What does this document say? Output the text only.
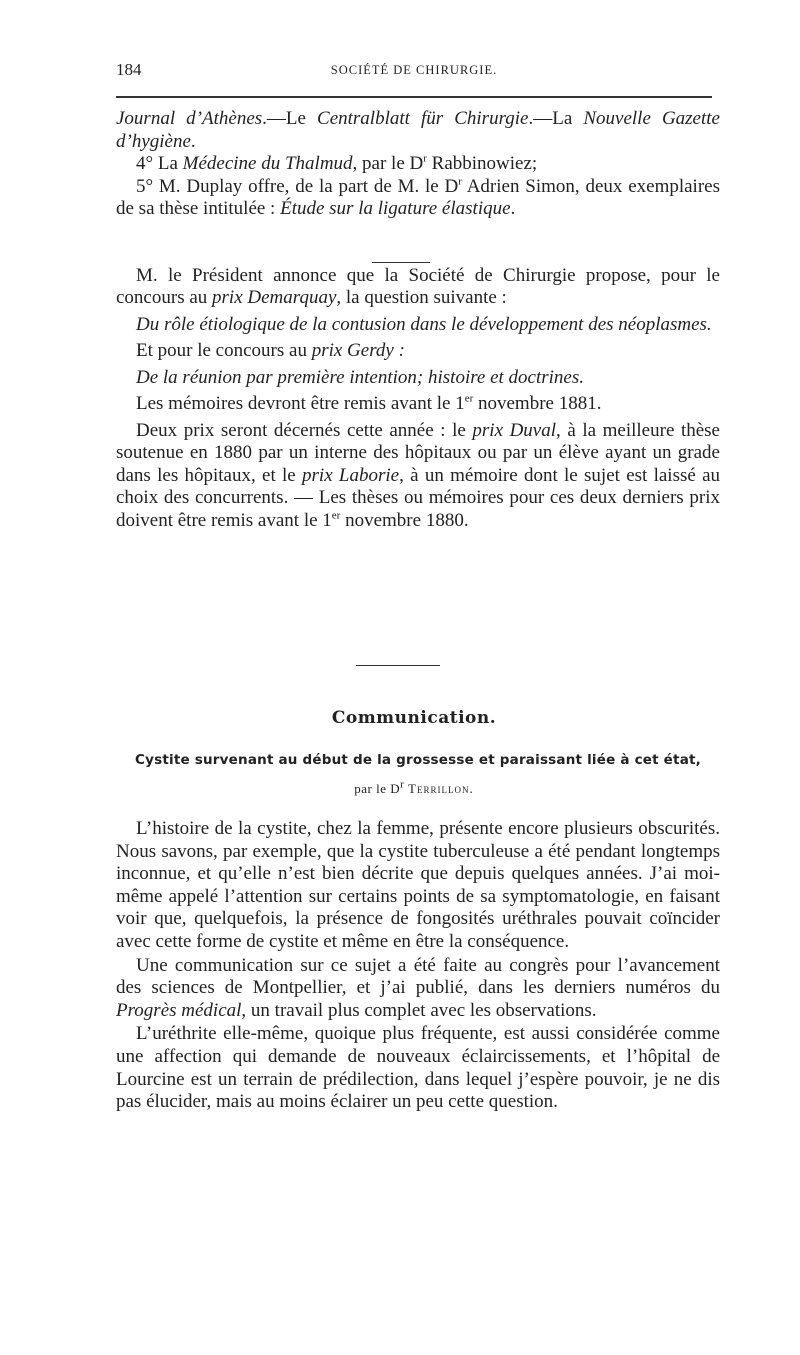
184	SOCIÉTÉ DE CHIRURGIE.

Journal d’Athènes.—Le Centralblatt für Chirurgie.—La Nouvelle Gazette d’hygiène.

4° La Médecine du Thalmud, par le $D^r$ Rabbinowiez;

5° M. Duplay offre, de la part de M. le $D^r$ Adrien Simon, deux exemplaires de sa thèse intitulée : Étude sur la ligature élastique.

M. le Président annonce que la Société de Chirurgie propose, pour le concours au prix Demarquay, la question suivante :

Du rôle étiologique de la contusion dans le développement des néoplasmes.

Et pour le concours au prix Gerdy :

De la réunion par première intention; histoire et doctrines.

Les mémoires devront être remis avant le 1er novembre 1881.

Deux prix seront décernés cette année : le prix Duval, à la meilleure thèse soutenue en 1880 par un interne des hôpitaux ou par un élève ayant un grade dans les hôpitaux, et le prix Laborie, à un mémoire dont le sujet est laissé au choix des concurrents. — Les thèses ou mémoires pour ces deux derniers prix doivent être remis avant le 1er novembre 1880.

Communication.
Cystite survenant au début de la grossesse et paraissant liée à cet état,
par le $D^r$ Terrillon.

L’histoire de la cystite, chez la femme, présente encore plusieurs obscurités. Nous savons, par exemple, que la cystite tuberculeuse a été pendant longtemps inconnue, et qu’elle n’est bien décrite que depuis quelques années. J’ai moi-même appelé l’attention sur certains points de sa symptomatologie, en faisant voir que, quelquefois, la présence de fongosités uréthrales pouvait coïncider avec cette forme de cystite et même en être la conséquence.

Une communication sur ce sujet a été faite au congrès pour l’avancement des sciences de Montpellier, et j’ai publié, dans les derniers numéros du Progrès médical, un travail plus complet avec les observations.

L’uréthrite elle-même, quoique plus fréquente, est aussi considérée comme une affection qui demande de nouveaux éclaircissements, et l’hôpital de Lourcine est un terrain de prédilection, dans lequel j’espère pouvoir, je ne dis pas élucider, mais au moins éclairer un peu cette question.
